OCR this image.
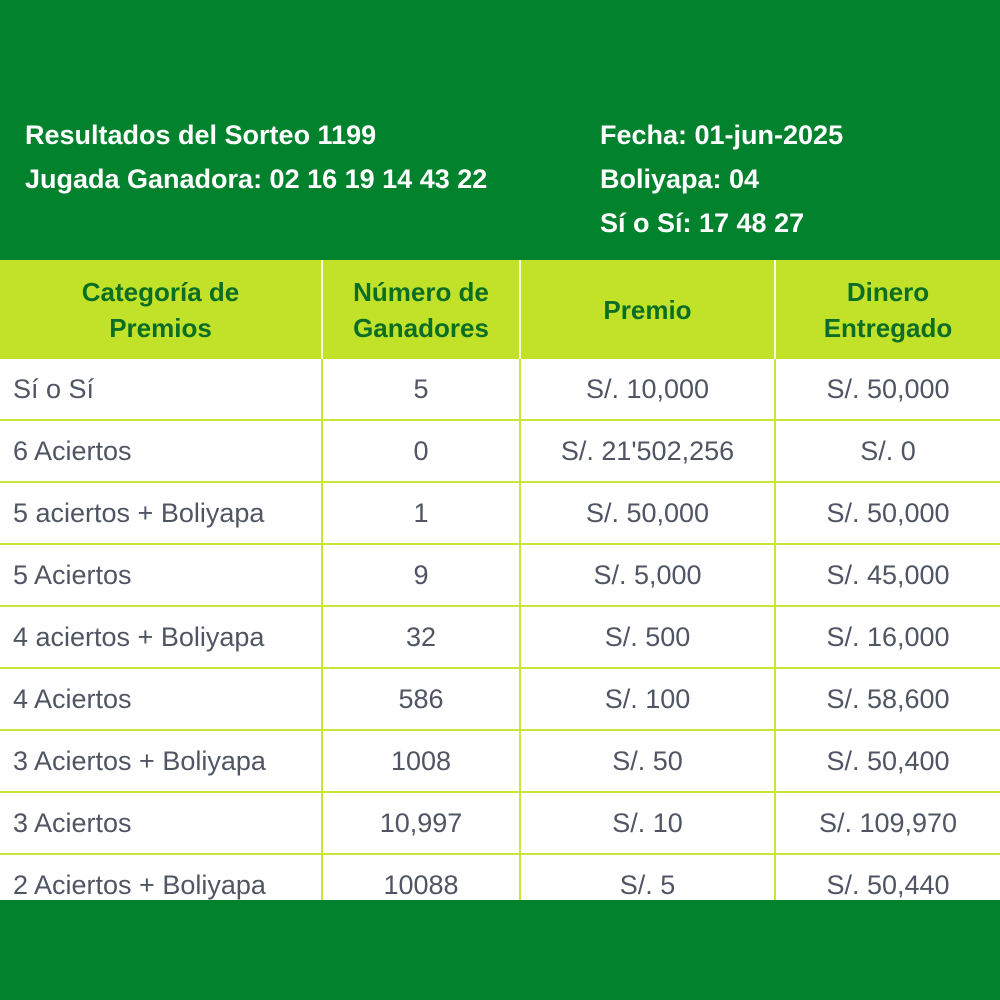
Resultados del Sorteo 1199
Jugada Ganadora: 02 16 19 14 43 22
Fecha: 01-jun-2025
Boliyapa: 04
Sí o Sí: 17 48 27
Categoría de
Premios

Número de
Ganadores

Premio

Dinero
Entregado

Sí o Sí	5	S/. 10,000	S/. 50,000
6 Aciertos	0	S/. 21'502,256	S/. 0
5 aciertos + Boliyapa	1	S/. 50,000	S/. 50,000
5 Aciertos	9	S/. 5,000	S/. 45,000
4 aciertos + Boliyapa	32	S/. 500	S/. 16,000
4 Aciertos	586	S/. 100	S/. 58,600
3 Aciertos + Boliyapa	1008	S/. 50	S/. 50,400
3 Aciertos	10,997	S/. 10	S/. 109,970
2 Aciertos + Boliyapa	10088	S/. 5	S/. 50,440
